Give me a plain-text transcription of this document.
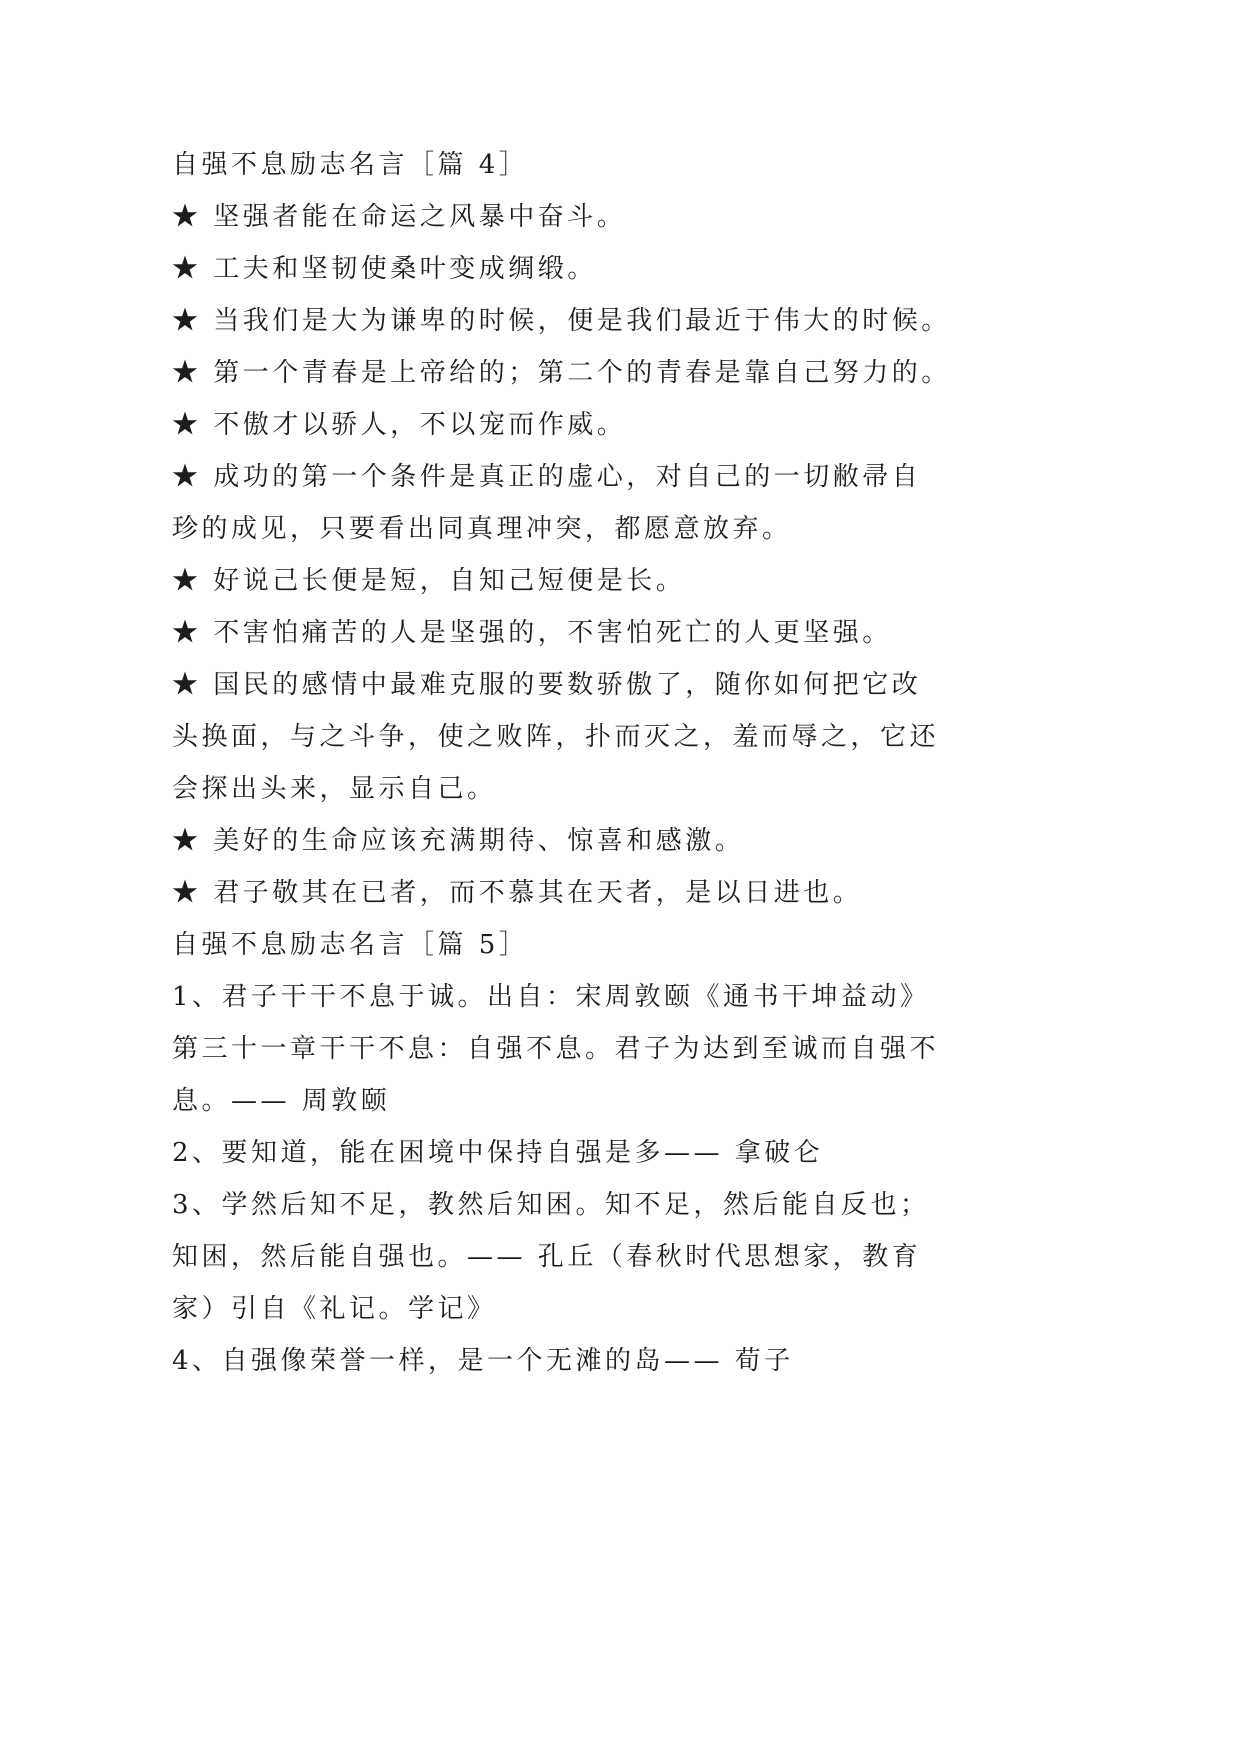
自强不息励志名言［篇 4］
★ 坚强者能在命运之风暴中奋斗。
★ 工夫和坚韧使桑叶变成绸缎。
★ 当我们是大为谦卑的时候，便是我们最近于伟大的时候。
★ 第一个青春是上帝给的；第二个的青春是靠自己努力的。
★ 不傲才以骄人，不以宠而作威。
★ 成功的第一个条件是真正的虚心，对自己的一切敝帚自
珍的成见，只要看出同真理冲突，都愿意放弃。
★ 好说己长便是短，自知己短便是长。
★ 不害怕痛苦的人是坚强的，不害怕死亡的人更坚强。
★ 国民的感情中最难克服的要数骄傲了，随你如何把它改
头换面，与之斗争，使之败阵，扑而灭之，羞而辱之，它还
会探出头来，显示自己。
★ 美好的生命应该充满期待、惊喜和感激。
★ 君子敬其在已者，而不慕其在天者，是以日进也。
自强不息励志名言［篇 5］
1、君子干干不息于诚。出自：宋周敦颐《通书干坤益动》
第三十一章干干不息：自强不息。君子为达到至诚而自强不
息。—— 周敦颐
2、要知道，能在困境中保持自强是多—— 拿破仑
3、学然后知不足，教然后知困。知不足，然后能自反也；
知困，然后能自强也。—— 孔丘（春秋时代思想家，教育
家）引自《礼记。学记》
4、自强像荣誉一样，是一个无滩的岛—— 荀子
